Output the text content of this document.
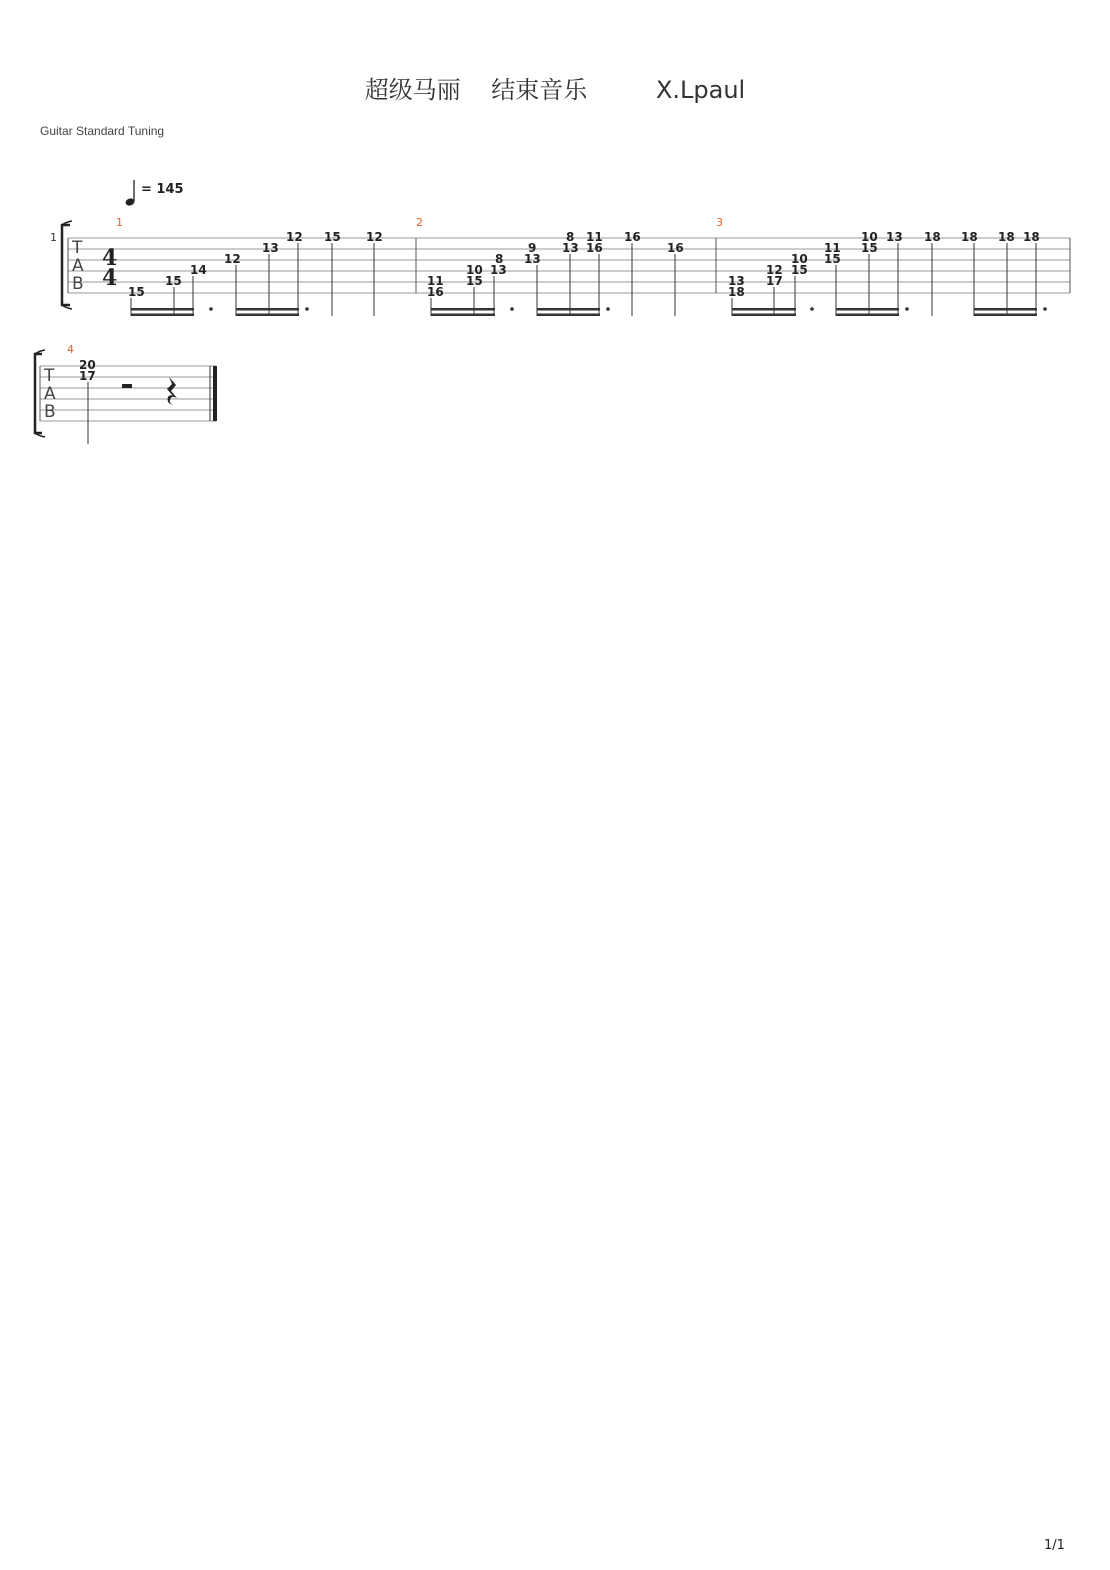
超级马丽    结束音乐         X.Lpaul
Guitar Standard Tuning
1/1
1
T
A
B
4
4
= 145
1	2	3
15
15
14
12
13
12 15 12
11
16
10
15
8
13
9
13
8
13
11
16
16
16
13
18
12
17
10
15
11
15
10
15
13 18 18 18 18
T
A
B
4
20
17
